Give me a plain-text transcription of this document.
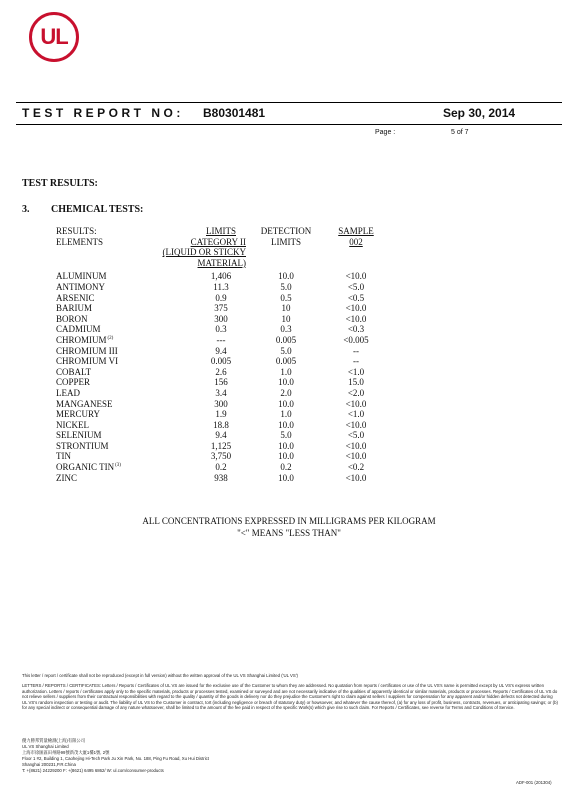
UL
TEST REPORT NO: B80301481	Sep 30, 2014
Page :	5 of 7
TEST RESULTS:
3. CHEMICAL TESTS:
RESULTS:	LIMITS	DETECTION	SAMPLE
ELEMENTS	CATEGORY II	LIMITS	002
(LIQUID OR STICKY
MATERIAL)
ALUMINUM	1,406	10.0	<10.0
ANTIMONY	11.3	5.0	<5.0
ARSENIC	0.9	0.5	<0.5
BARIUM	375	10	<10.0
BORON	300	10	<10.0
CADMIUM	0.3	0.3	<0.3
CHROMIUM$^{(2)}$	---	0.005	<0.005
CHROMIUM III	9.4	5.0	--
CHROMIUM VI	0.005	0.005	--
COBALT	2.6	1.0	<1.0
COPPER	156	10.0	15.0
LEAD	3.4	2.0	<2.0
MANGANESE	300	10.0	<10.0
MERCURY	1.9	1.0	<1.0
NICKEL	18.8	10.0	<10.0
SELENIUM	9.4	5.0	<5.0
STRONTIUM	1,125	10.0	<10.0
TIN	3,750	10.0	<10.0
ORGANIC TIN$^{(3)}$	0.2	0.2	<0.2
ZINC	938	10.0	<10.0
ALL CONCENTRATIONS EXPRESSED IN MILLIGRAMS PER KILOGRAM
"<" MEANS "LESS THAN"
This letter / report / certificate shall not be reproduced (except in full version) without the written approval of the UL VS Shanghai Limited ('UL VS')
LETTERS / REPORTS / CERTIFICATES: Letters / Reports / Certificates of UL VS are issued for the exclusive use of the Customer to whom they are addressed. No quotation from reports / certificates or use of the UL VS's name is permitted except by UL VS's express written authorization. Letters / reports / certificates apply only to the specific materials, products or processes tested, examined or surveyed and are not necessarily indicative of the qualities of apparently identical or similar materials, products or processes. Reports / Certificates of UL VS do not relieve sellers / suppliers from their contractual responsibilities with regard to the quality / quantity of the goods in delivery nor do they prejudice the Customer's right to claim against sellers / suppliers for compensation for any apparent and/or hidden defects not detected during UL VS's random inspection or testing or audit. The liability of UL VS to the Customer in contract, tort (including negligence or breach of statutory duty) or howsoever, and whatever the cause thereof, (a) for any loss of profit, business, contracts, revenues, or anticipating savings; or (b) for any special indirect or consequential damage of any nature whatsoever, shall be limited to the amount of the fee paid in respect of the specific Work(s) which give rise to such claim. For Reports / Certificates, see reverse for Terms and Conditions of Service.
優力勝邦質量檢測(上海)有限公司
UL VS Shanghai Limited
上海市徐匯區田州路99號新茂大廈1樓1號, 2號
Floor 1 #2, Building 1, Caohejing Hi-Tech Park Ju Xin Park, No. 188, Ping Fu Road, Xu Hui District
Shanghai 200231,P.R.China
T: +(8621) 24229200 F: +(8621) 6495 6862/ W: ul.com/consumer-products
ADF-001 (201304)
